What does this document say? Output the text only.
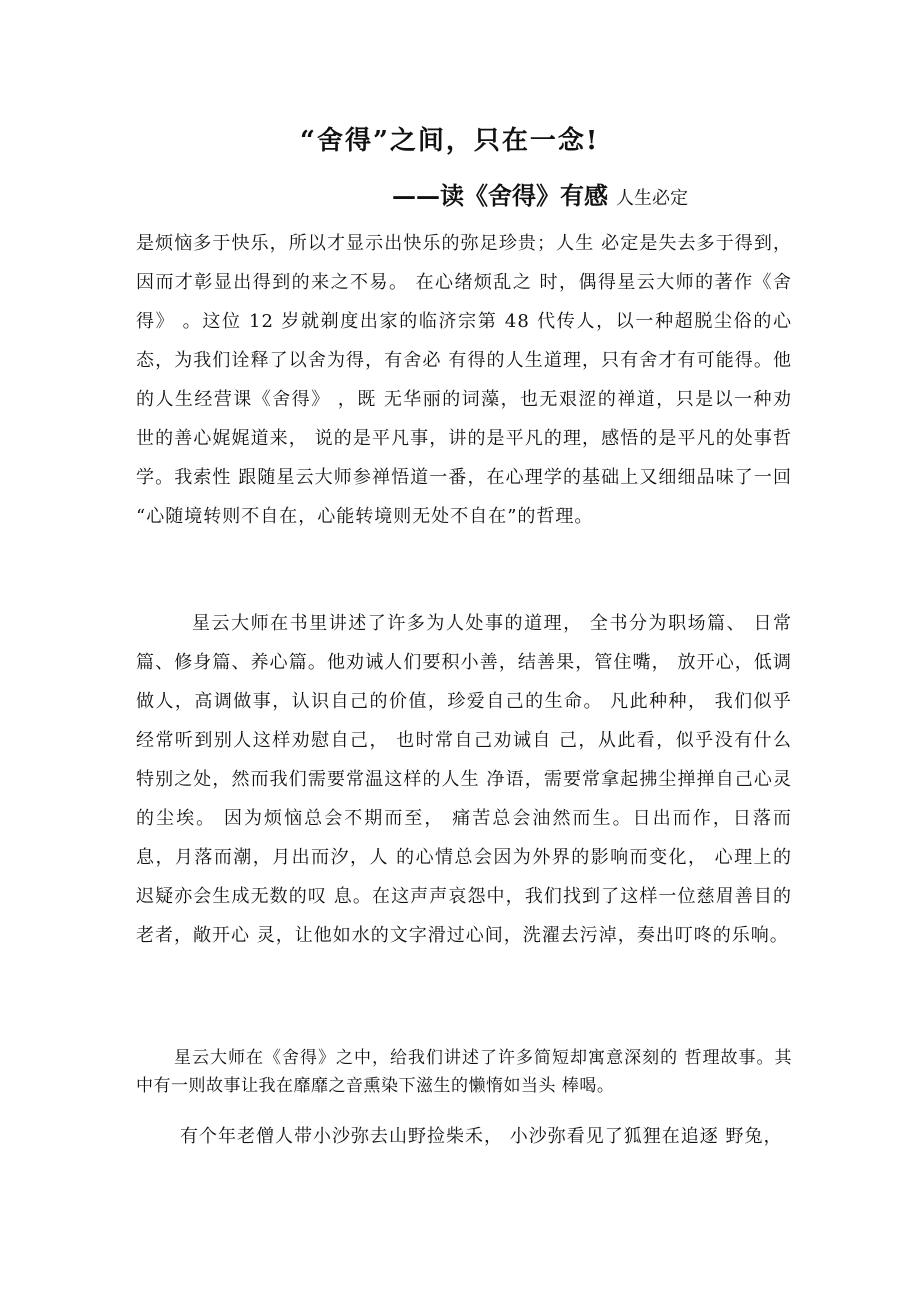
“舍得”之间，只在一念!
——读《舍得》有感 人生必定
是烦恼多于快乐，所以才显示出快乐的弥足珍贵；人生 必定是失去多于得到，因而才彰显出得到的来之不易。 在心绪烦乱之 时，偶得星云大师的著作《舍得》 。这位 12 岁就剃度出家的临济宗第 48 代传人，以一种超脱尘俗的心态，为我们诠释了以舍为得，有舍必 有得的人生道理，只有舍才有可能得。他的人生经营课《舍得》 ，既 无华丽的词藻，也无艰涩的禅道，只是以一种劝世的善心娓娓道来， 说的是平凡事，讲的是平凡的理，感悟的是平凡的处事哲学。我索性 跟随星云大师参禅悟道一番，在心理学的基础上又细细品味了一回 “心随境转则不自在，心能转境则无处不自在”的哲理。
星云大师在书里讲述了许多为人处事的道理， 全书分为职场篇、 日常篇、修身篇、养心篇。他劝诫人们要积小善，结善果，管住嘴， 放开心，低调做人，高调做事，认识自己的价值，珍爱自己的生命。 凡此种种， 我们似乎经常听到别人这样劝慰自己， 也时常自己劝诫自 己，从此看，似乎没有什么特别之处，然而我们需要常温这样的人生 净语，需要常拿起拂尘掸掸自己心灵的尘埃。 因为烦恼总会不期而至， 痛苦总会油然而生。日出而作，日落而息，月落而潮，月出而汐，人 的心情总会因为外界的影响而变化， 心理上的迟疑亦会生成无数的叹 息。在这声声哀怨中，我们找到了这样一位慈眉善目的老者，敞开心 灵，让他如水的文字滑过心间，洗濯去污淖，奏出叮咚的乐响。
星云大师在《舍得》之中，给我们讲述了许多简短却寓意深刻的 哲理故事。其中有一则故事让我在靡靡之音熏染下滋生的懒惰如当头 棒喝。
有个年老僧人带小沙弥去山野捡柴禾， 小沙弥看见了狐狸在追逐 野兔，
